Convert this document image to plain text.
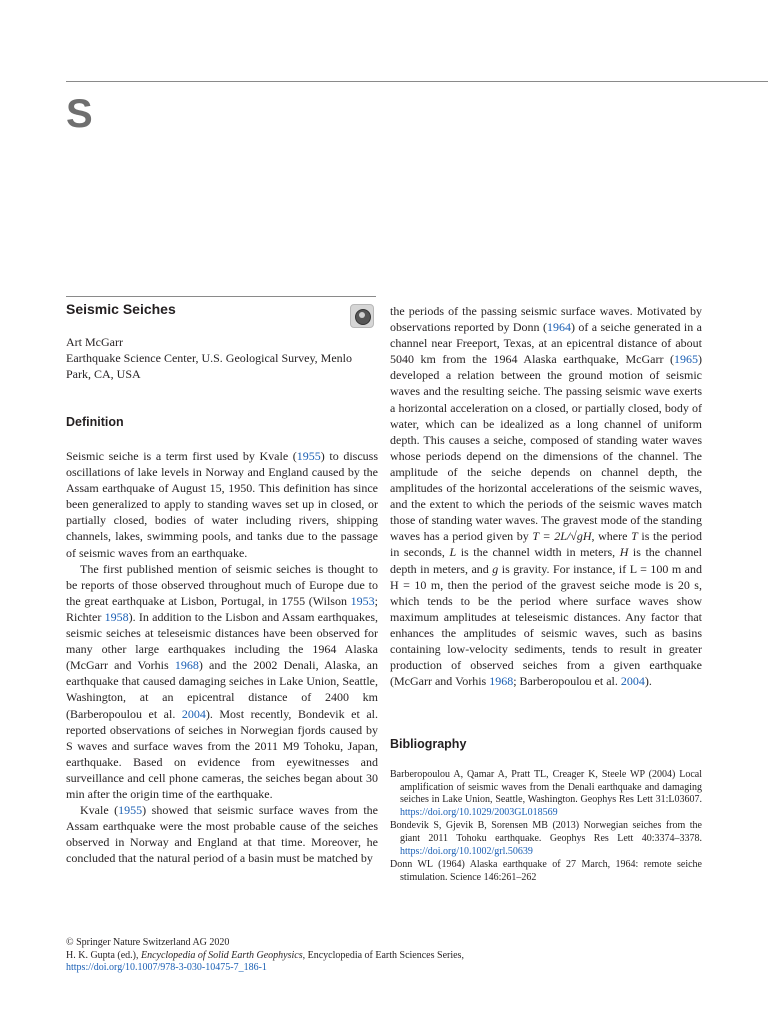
S
Seismic Seiches
Art McGarr
Earthquake Science Center, U.S. Geological Survey, Menlo Park, CA, USA
Definition

Seismic seiche is a term first used by Kvale (1955) to discuss oscillations of lake levels in Norway and England caused by the Assam earthquake of August 15, 1950. This definition has since been generalized to apply to standing waves set up in closed, or partially closed, bodies of water including rivers, shipping channels, lakes, swimming pools, and tanks due to the passage of seismic waves from an earthquake.

The first published mention of seismic seiches is thought to be reports of those observed throughout much of Europe due to the great earthquake at Lisbon, Portugal, in 1755 (Wilson 1953; Richter 1958). In addition to the Lisbon and Assam earthquakes, seismic seiches at teleseismic distances have been observed for many other large earthquakes including the 1964 Alaska (McGarr and Vorhis 1968) and the 2002 Denali, Alaska, an earthquake that caused damaging seiches in Lake Union, Seattle, Washington, at an epicentral distance of 2400 km (Barberopoulou et al. 2004). Most recently, Bondevik et al. reported observations of seiches in Norwegian fjords caused by S waves and surface waves from the 2011 M9 Tohoku, Japan, earthquake. Based on evidence from eyewitnesses and surveillance and cell phone cameras, the seiches began about 30 min after the origin time of the earthquake.

Kvale (1955) showed that seismic surface waves from the Assam earthquake were the most probable cause of the seiches observed in Norway and England at that time. Moreover, he concluded that the natural period of a basin must be matched by

the periods of the passing seismic surface waves. Motivated by observations reported by Donn (1964) of a seiche generated in a channel near Freeport, Texas, at an epicentral distance of about 5040 km from the 1964 Alaska earthquake, McGarr (1965) developed a relation between the ground motion of seismic waves and the resulting seiche. The passing seismic wave exerts a horizontal acceleration on a closed, or partially closed, body of water, which can be idealized as a long channel of uniform depth. This causes a seiche, composed of standing water waves whose periods depend on the dimensions of the channel. The amplitude of the seiche depends on channel depth, the amplitudes of the horizontal accelerations of the seismic waves, and the extent to which the periods of the seismic waves match those of standing water waves. The gravest mode of the standing waves has a period given by T = 2L/√gH, where T is the period in seconds, L is the channel width in meters, H is the channel depth in meters, and g is gravity. For instance, if L = 100 m and H = 10 m, then the period of the gravest seiche mode is 20 s, which tends to be the period where surface waves show maximum amplitudes at teleseismic distances. Any factor that enhances the amplitudes of seismic waves, such as basins containing low-velocity sediments, tends to result in greater production of observed seiches from a given earthquake (McGarr and Vorhis 1968; Barberopoulou et al. 2004).

Bibliography

Barberopoulou A, Qamar A, Pratt TL, Creager K, Steele WP (2004) Local amplification of seismic waves from the Denali earthquake and damaging seiches in Lake Union, Seattle, Washington. Geophys Res Lett 31:L03607. https://doi.org/10.1029/2003GL018569

Bondevik S, Gjevik B, Sorensen MB (2013) Norwegian seiches from the giant 2011 Tohoku earthquake. Geophys Res Lett 40:3374–3378. https://doi.org/10.1002/grl.50639

Donn WL (1964) Alaska earthquake of 27 March, 1964: remote seiche stimulation. Science 146:261–262

© Springer Nature Switzerland AG 2020
H. K. Gupta (ed.), Encyclopedia of Solid Earth Geophysics, Encyclopedia of Earth Sciences Series,
https://doi.org/10.1007/978-3-030-10475-7_186-1
